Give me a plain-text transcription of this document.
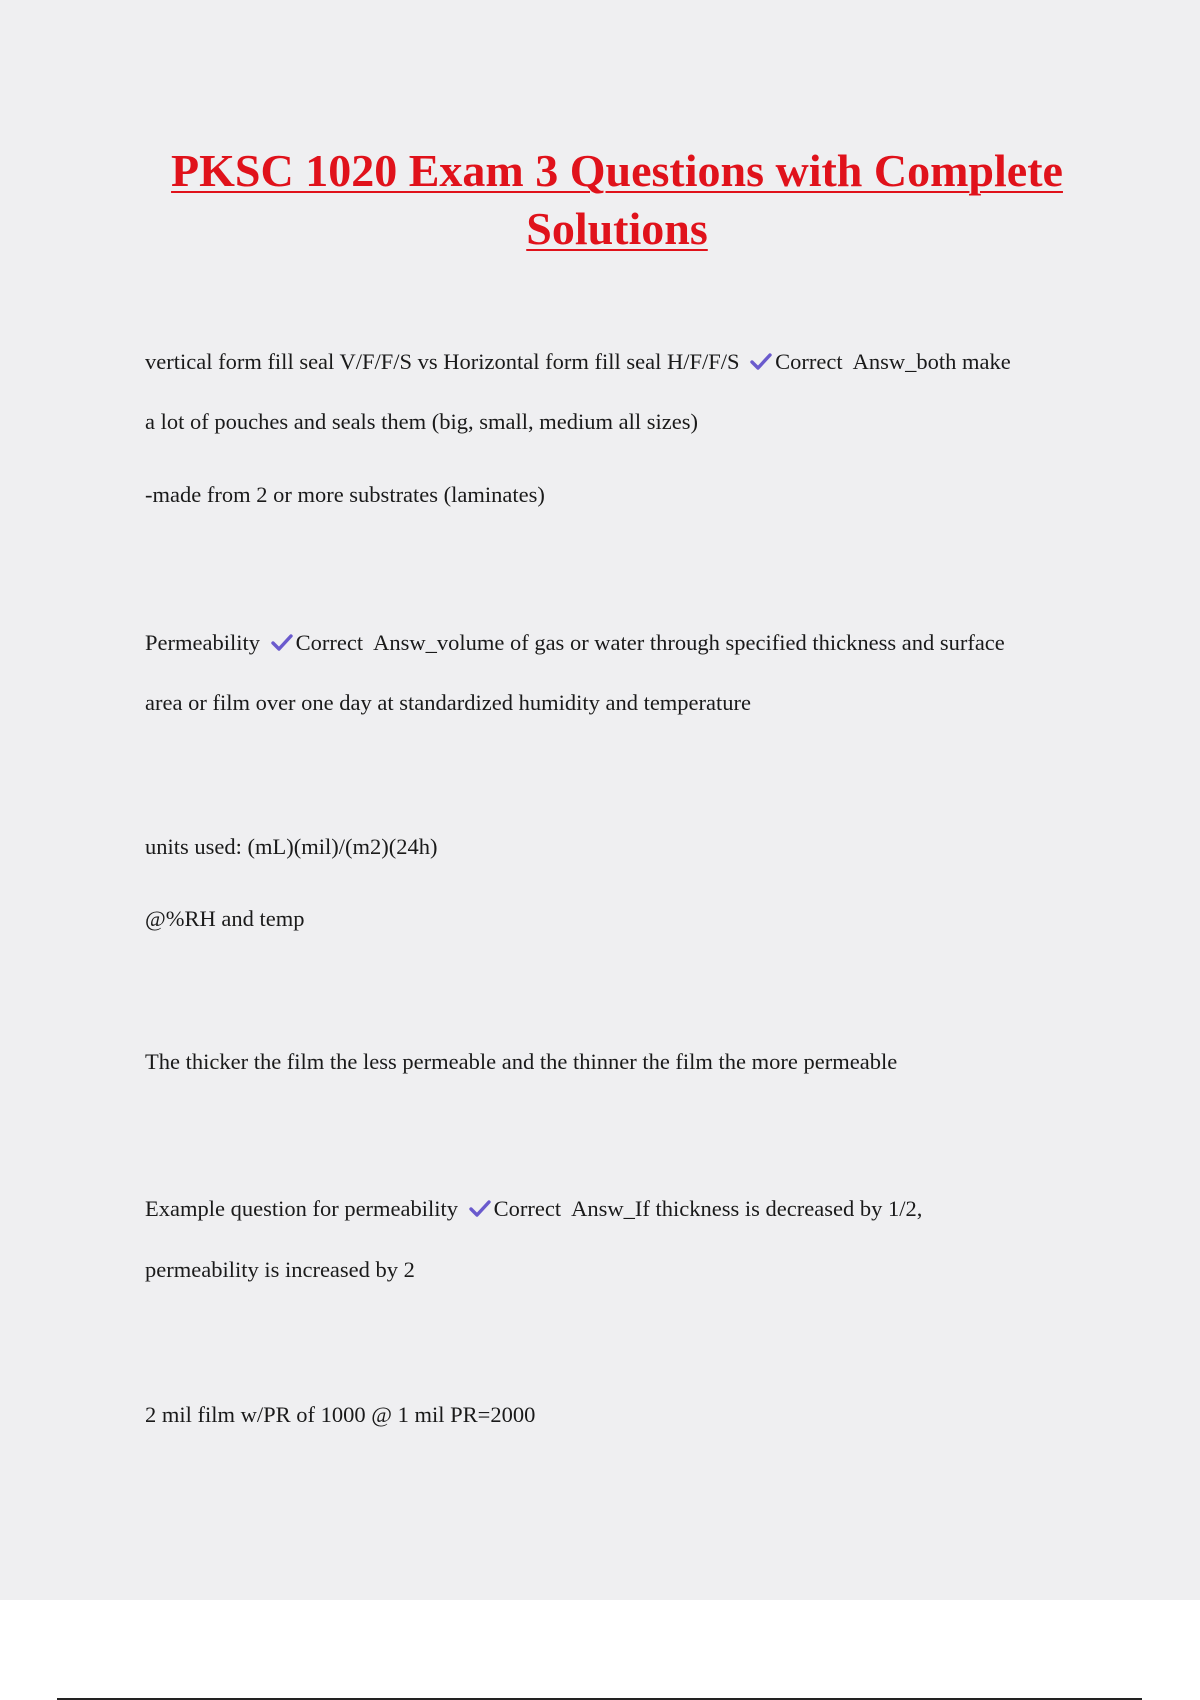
PKSC 1020 Exam 3 Questions with Complete Solutions

vertical form fill seal V/F/F/S vs Horizontal form fill seal H/F/F/S Correct  Answ_both make

a lot of pouches and seals them (big, small, medium all sizes)

-made from 2 or more substrates (laminates)

Permeability Correct  Answ_volume of gas or water through specified thickness and surface

area or film over one day at standardized humidity and temperature

units used: (mL)(mil)/(m2)(24h)

@%RH and temp

The thicker the film the less permeable and the thinner the film the more permeable

Example question for permeability Correct  Answ_If thickness is decreased by 1/2,

permeability is increased by 2

2 mil film w/PR of 1000 @ 1 mil PR=2000
